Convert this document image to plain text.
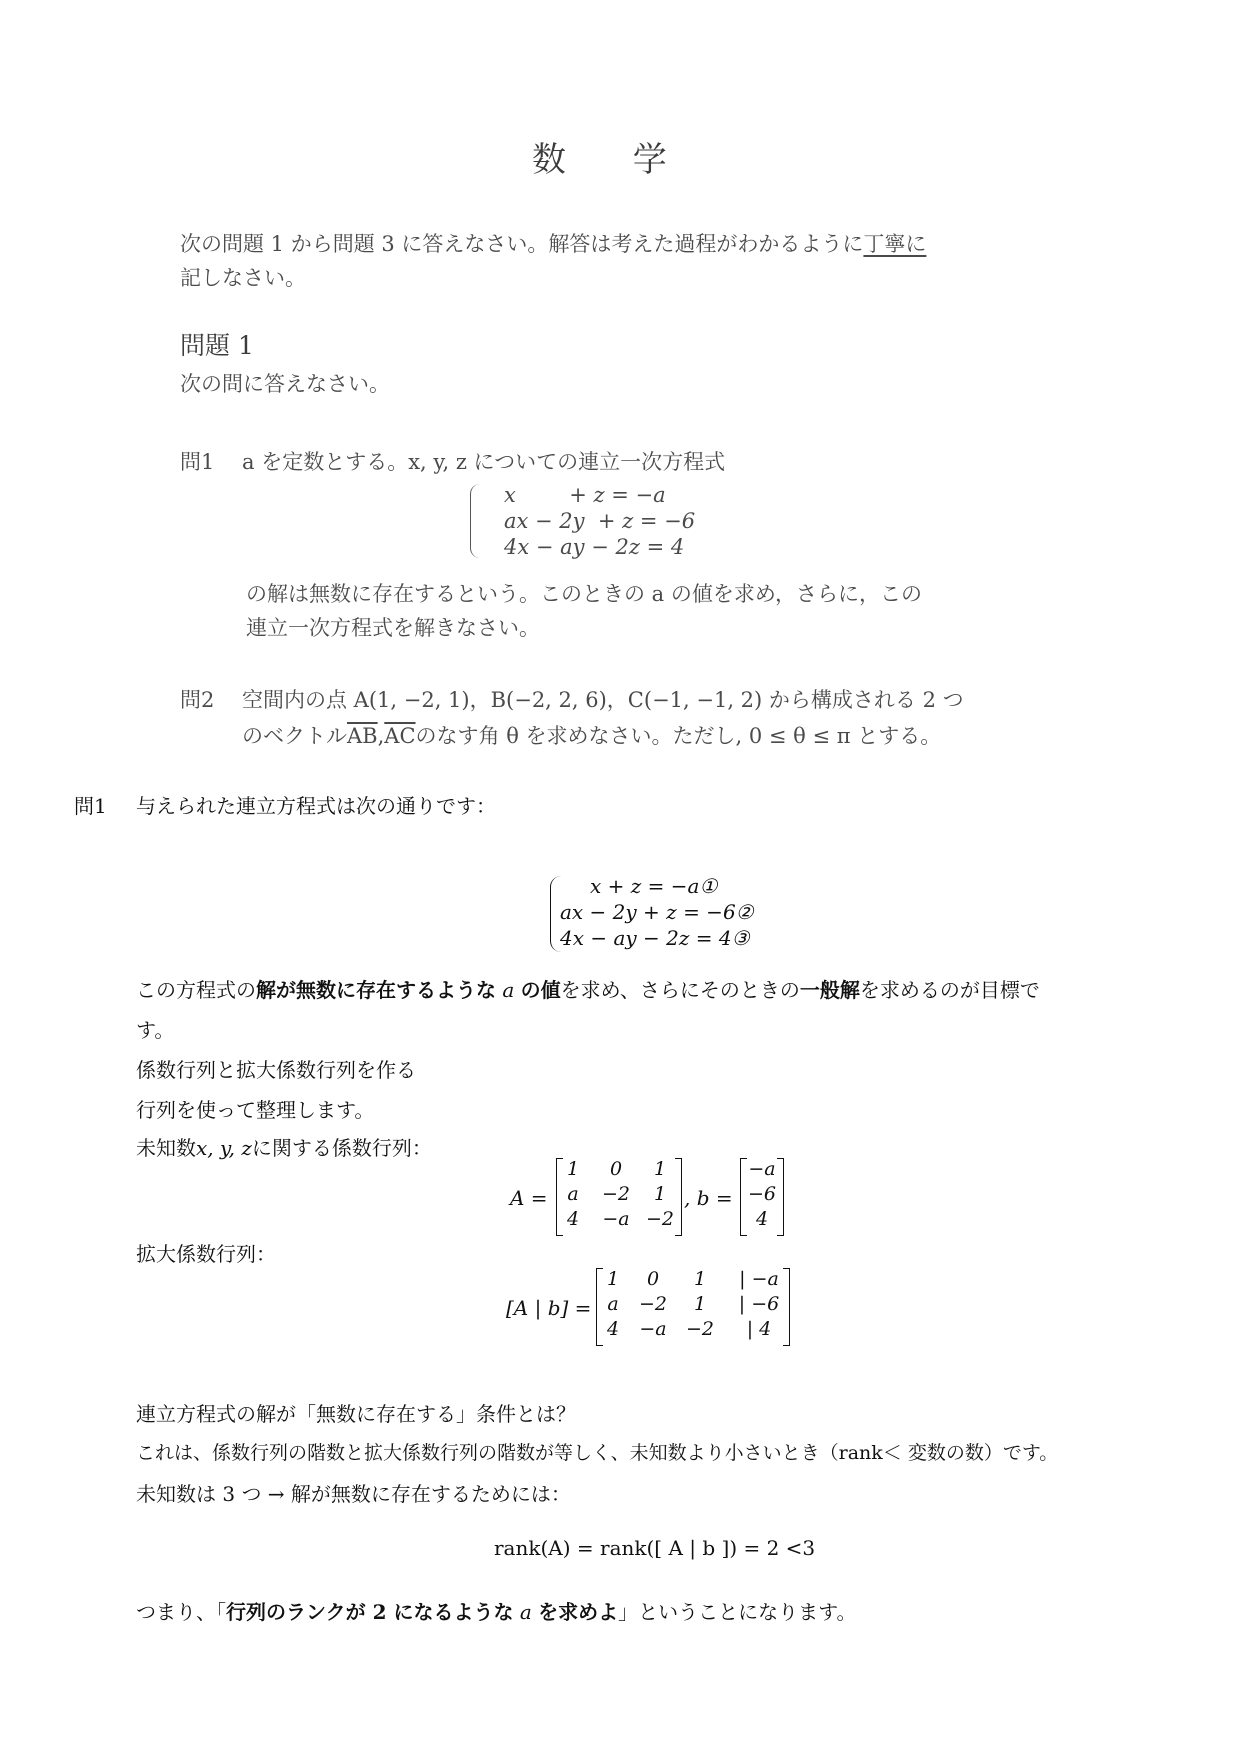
数 学
次の問題 1 から問題 3 に答えなさい。解答は考えた過程がわかるように丁寧に
記しなさい。
問題 1
次の問に答えなさい。
問1 a を定数とする。x, y, z についての連立一次方程式
x        + z = −a
ax − 2y  + z = −6
4x − ay − 2z = 4
の解は無数に存在するという。このときの a の値を求め，さらに，この
連立一次方程式を解きなさい。
問2 空間内の点 A(1, −2, 1)，B(−2, 2, 6)，C(−1, −1, 2) から構成される 2 つ
のベクトル$\overline{AB},\overline{AC}$のなす角 θ を求めなさい。ただし, 0 ≤ θ ≤ π とする。
問1 与えられた連立方程式は次の通りです：
x + z = −a①
ax − 2y + z = −6②
4x − ay − 2z = 4③
この方程式の解が無数に存在するような a の値を求め、さらにそのときの一般解を求めるのが目標で
す。
係数行列と拡大係数行列を作る
行列を使って整理します。
未知数x, y, zに関する係数行列：
A =
1	0	1
a	−2	1
4	−a −2
, b =
−a
−6
4
拡大係数行列：
[A | b] =
1	0	1	| −a
a	−2	1	| −6
4	−a −2	| 4
連立方程式の解が「無数に存在する」条件とは？
これは、係数行列の階数と拡大係数行列の階数が等しく、未知数より小さいとき（rank＜ 変数の数）です。
未知数は 3 つ → 解が無数に存在するためには：
rank(A) = rank([ A | b ]) = 2 <3
つまり、「行列のランクが 2 になるような a を求めよ」ということになります。
